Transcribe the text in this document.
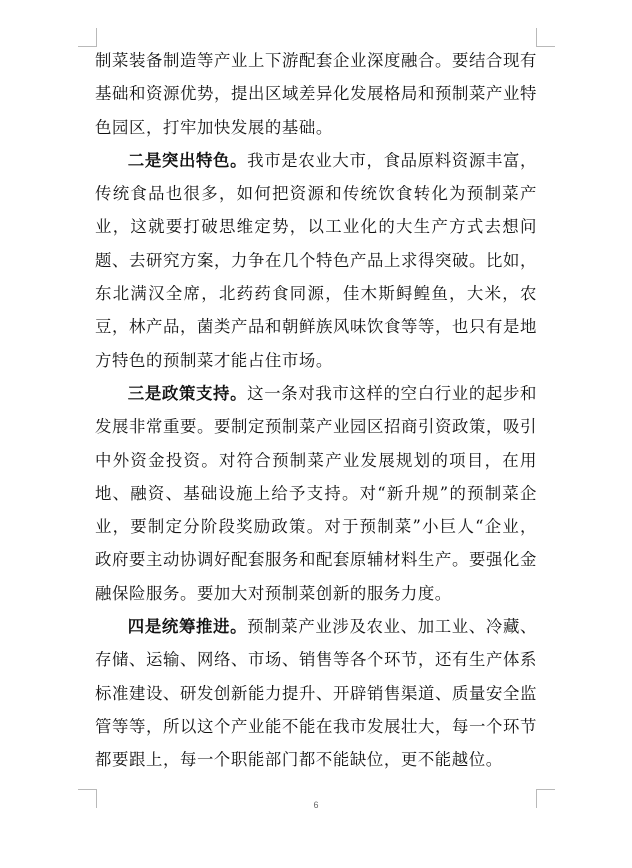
制菜装备制造等产业上下游配套企业深度融合。要结合现有基础和资源优势，提出区域差异化发展格局和预制菜产业特色园区，打牢加快发展的基础。

二是突出特色。我市是农业大市，食品原料资源丰富，传统食品也很多，如何把资源和传统饮食转化为预制菜产业，这就要打破思维定势，以工业化的大生产方式去想问题、去研究方案，力争在几个特色产品上求得突破。比如，东北满汉全席，北药药食同源，佳木斯鲟鳇鱼，大米，农豆，林产品，菌类产品和朝鲜族风味饮食等等，也只有是地方特色的预制菜才能占住市场。

三是政策支持。这一条对我市这样的空白行业的起步和发展非常重要。要制定预制菜产业园区招商引资政策，吸引中外资金投资。对符合预制菜产业发展规划的项目，在用地、融资、基础设施上给予支持。对“新升规”的预制菜企业，要制定分阶段奖励政策。对于预制菜”小巨人“企业，政府要主动协调好配套服务和配套原辅材料生产。要强化金融保险服务。要加大对预制菜创新的服务力度。

四是统筹推进。预制菜产业涉及农业、加工业、冷藏、存储、运输、网络、市场、销售等各个环节，还有生产体系标准建设、研发创新能力提升、开辟销售渠道、质量安全监管等等，所以这个产业能不能在我市发展壮大，每一个环节都要跟上，每一个职能部门都不能缺位，更不能越位。

6
